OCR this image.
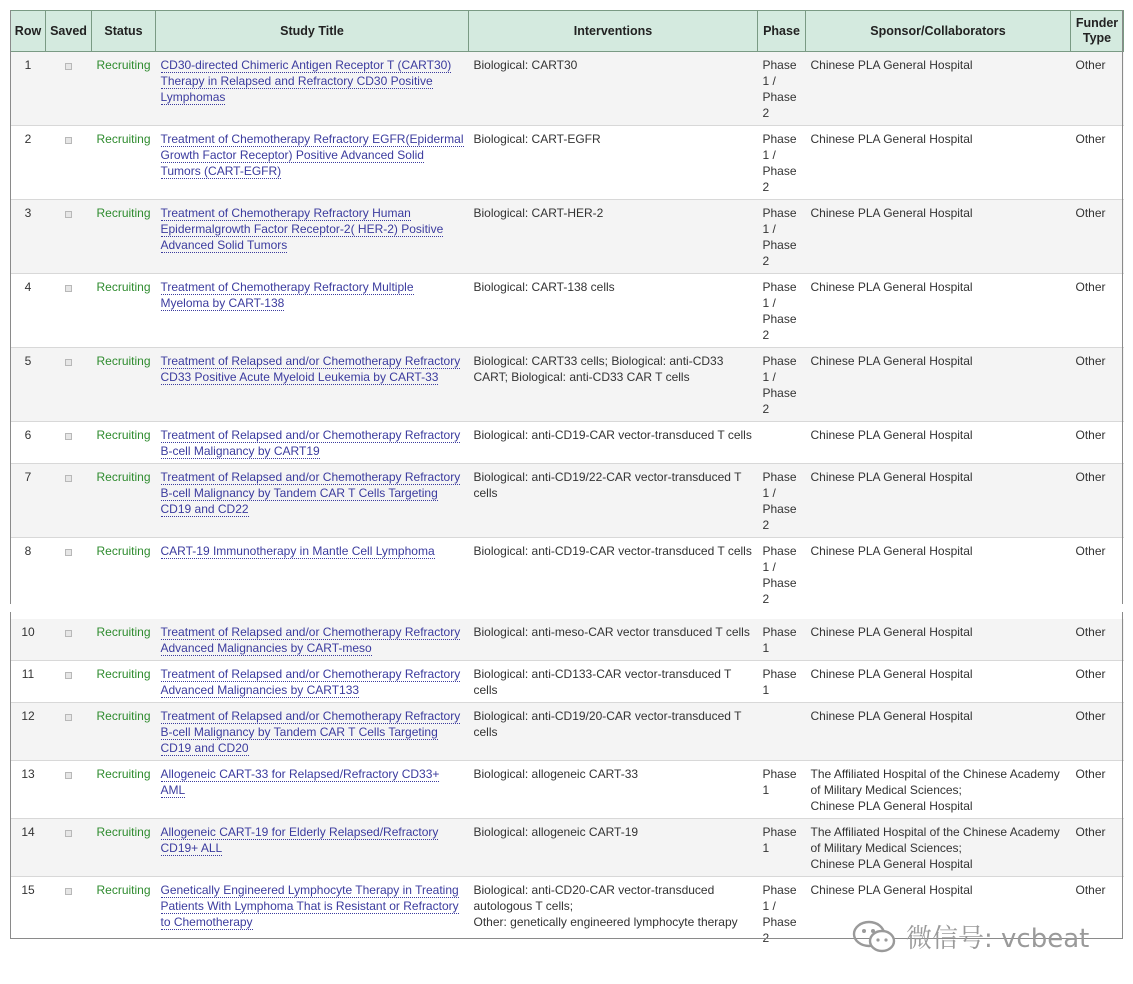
Row	Saved	Status	Study Title	Interventions	Phase	Sponsor/Collaborators	Funder Type
1		Recruiting	CD30-directed Chimeric Antigen Receptor T (CART30) Therapy in Relapsed and Refractory CD30 Positive Lymphomas	Biological: CART30	Phase 1 / Phase 2	Chinese PLA General Hospital	Other
2		Recruiting	Treatment of Chemotherapy Refractory EGFR(Epidermal Growth Factor Receptor) Positive Advanced Solid Tumors (CART-EGFR)	Biological: CART-EGFR	Phase 1 / Phase 2	Chinese PLA General Hospital	Other
3		Recruiting	Treatment of Chemotherapy Refractory Human Epidermalgrowth Factor Receptor-2( HER-2) Positive Advanced Solid Tumors	Biological: CART-HER-2	Phase 1 / Phase 2	Chinese PLA General Hospital	Other
4		Recruiting	Treatment of Chemotherapy Refractory Multiple Myeloma by CART-138	Biological: CART-138 cells	Phase 1 / Phase 2	Chinese PLA General Hospital	Other
5		Recruiting	Treatment of Relapsed and/or Chemotherapy Refractory CD33 Positive Acute Myeloid Leukemia by CART-33	Biological: CART33 cells; Biological: anti-CD33 CART; Biological: anti-CD33 CAR T cells	Phase 1 / Phase 2	Chinese PLA General Hospital	Other
6		Recruiting	Treatment of Relapsed and/or Chemotherapy Refractory B-cell Malignancy by CART19	Biological: anti-CD19-CAR vector-transduced T cells		Chinese PLA General Hospital	Other
7		Recruiting	Treatment of Relapsed and/or Chemotherapy Refractory B-cell Malignancy by Tandem CAR T Cells Targeting CD19 and CD22	Biological: anti-CD19/22-CAR vector-transduced T cells	Phase 1 / Phase 2	Chinese PLA General Hospital	Other
8		Recruiting	CART-19 Immunotherapy in Mantle Cell Lymphoma	Biological: anti-CD19-CAR vector-transduced T cells	Phase 1 / Phase 2	Chinese PLA General Hospital	Other
10		Recruiting	Treatment of Relapsed and/or Chemotherapy Refractory Advanced Malignancies by CART-meso	Biological: anti-meso-CAR vector transduced T cells	Phase 1	Chinese PLA General Hospital	Other
11		Recruiting	Treatment of Relapsed and/or Chemotherapy Refractory Advanced Malignancies by CART133	Biological: anti-CD133-CAR vector-transduced T cells	Phase 1	Chinese PLA General Hospital	Other
12		Recruiting	Treatment of Relapsed and/or Chemotherapy Refractory B-cell Malignancy by Tandem CAR T Cells Targeting CD19 and CD20	Biological: anti-CD19/20-CAR vector-transduced T cells		Chinese PLA General Hospital	Other
13		Recruiting	Allogeneic CART-33 for Relapsed/Refractory CD33+ AML	Biological: allogeneic CART-33	Phase 1	The Affiliated Hospital of the Chinese Academy of Military Medical Sciences;
Chinese PLA General Hospital	Other
14		Recruiting	Allogeneic CART-19 for Elderly Relapsed/Refractory CD19+ ALL	Biological: allogeneic CART-19	Phase 1	The Affiliated Hospital of the Chinese Academy of Military Medical Sciences;
Chinese PLA General Hospital	Other
15		Recruiting	Genetically Engineered Lymphocyte Therapy in Treating Patients With Lymphoma That is Resistant or Refractory to Chemotherapy	Biological: anti-CD20-CAR vector-transduced autologous T cells;
Other: genetically engineered lymphocyte therapy	Phase 1 / Phase	Chinese PLA General Hospital	Other
微信号: vcbeat
